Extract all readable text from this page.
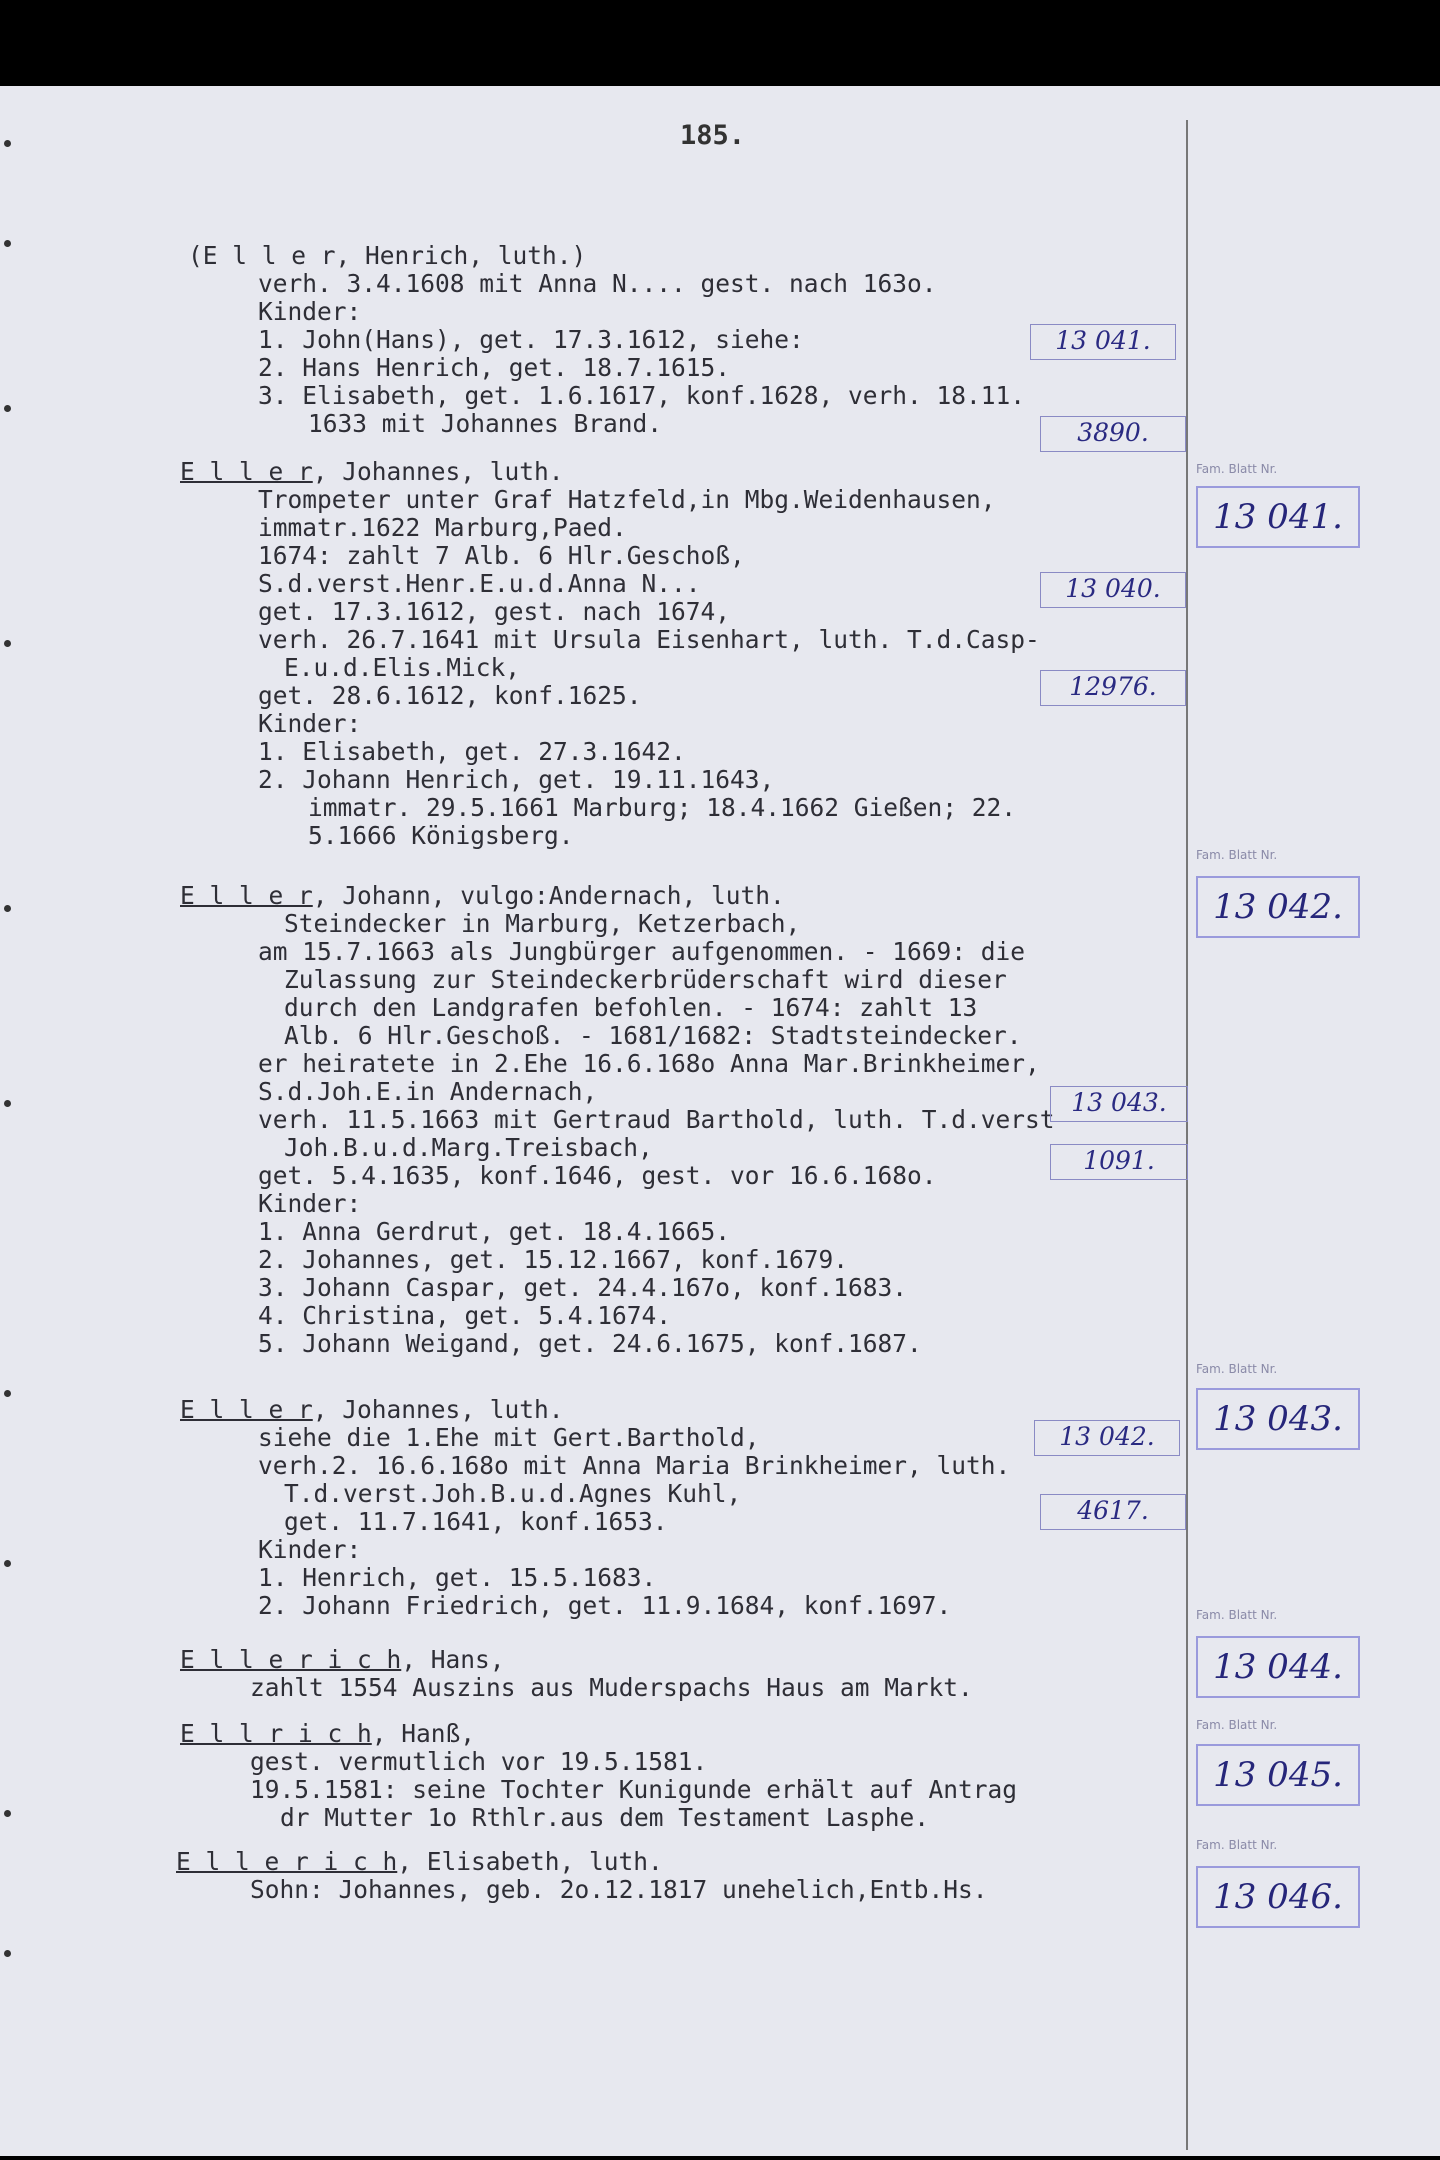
185.
(E l l e r, Henrich, luth.)
verh. 3.4.1608 mit Anna N.... gest. nach 163o.
Kinder:
1. John(Hans), get. 17.3.1612, siehe:
2. Hans Henrich, get. 18.7.1615.
3. Elisabeth, get. 1.6.1617, konf.1628, verh. 18.11.
1633 mit Johannes Brand.
E l l e r, Johannes, luth.
Trompeter unter Graf Hatzfeld,in Mbg.Weidenhausen,
immatr.1622 Marburg,Paed.
1674: zahlt 7 Alb. 6 Hlr.Geschoß,
S.d.verst.Henr.E.u.d.Anna N...
get. 17.3.1612, gest. nach 1674,
verh. 26.7.1641 mit Ursula Eisenhart, luth. T.d.Casp-
E.u.d.Elis.Mick,
get. 28.6.1612, konf.1625.
Kinder:
1. Elisabeth, get. 27.3.1642.
2. Johann Henrich, get. 19.11.1643,
immatr. 29.5.1661 Marburg; 18.4.1662 Gießen; 22.
5.1666 Königsberg.
E l l e r, Johann, vulgo:Andernach, luth.
Steindecker in Marburg, Ketzerbach,
am 15.7.1663 als Jungbürger aufgenommen. - 1669: die
Zulassung zur Steindeckerbrüderschaft wird dieser
durch den Landgrafen befohlen. - 1674: zahlt 13
Alb. 6 Hlr.Geschoß. - 1681/1682: Stadtsteindecker.
er heiratete in 2.Ehe 16.6.168o Anna Mar.Brinkheimer,
S.d.Joh.E.in Andernach,
verh. 11.5.1663 mit Gertraud Barthold, luth. T.d.verst
Joh.B.u.d.Marg.Treisbach,
get. 5.4.1635, konf.1646, gest. vor 16.6.168o.
Kinder:
1. Anna Gerdrut, get. 18.4.1665.
2. Johannes, get. 15.12.1667, konf.1679.
3. Johann Caspar, get. 24.4.167o, konf.1683.
4. Christina, get. 5.4.1674.
5. Johann Weigand, get. 24.6.1675, konf.1687.
E l l e r, Johannes, luth.
siehe die 1.Ehe mit Gert.Barthold,
verh.2. 16.6.168o mit Anna Maria Brinkheimer, luth.
T.d.verst.Joh.B.u.d.Agnes Kuhl,
get. 11.7.1641, konf.1653.
Kinder:
1. Henrich, get. 15.5.1683.
2. Johann Friedrich, get. 11.9.1684, konf.1697.
E l l e r i c h, Hans,
zahlt 1554 Auszins aus Muderspachs Haus am Markt.
E l l r i c h, Hanß,
gest. vermutlich vor 19.5.1581.
19.5.1581: seine Tochter Kunigunde erhält auf Antrag
dr Mutter 1o Rthlr.aus dem Testament Lasphe.
E l l e r i c h, Elisabeth, luth.
Sohn: Johannes, geb. 2o.12.1817 unehelich,Entb.Hs.
13 041.
3890.
13 040.
12976.
13 043.
1091.
13 042.
4617.
Fam. Blatt Nr.
13 041.
Fam. Blatt Nr.
13 042.
Fam. Blatt Nr.
13 043.
Fam. Blatt Nr.
13 044.
Fam. Blatt Nr.
13 045.
Fam. Blatt Nr.
13 046.
